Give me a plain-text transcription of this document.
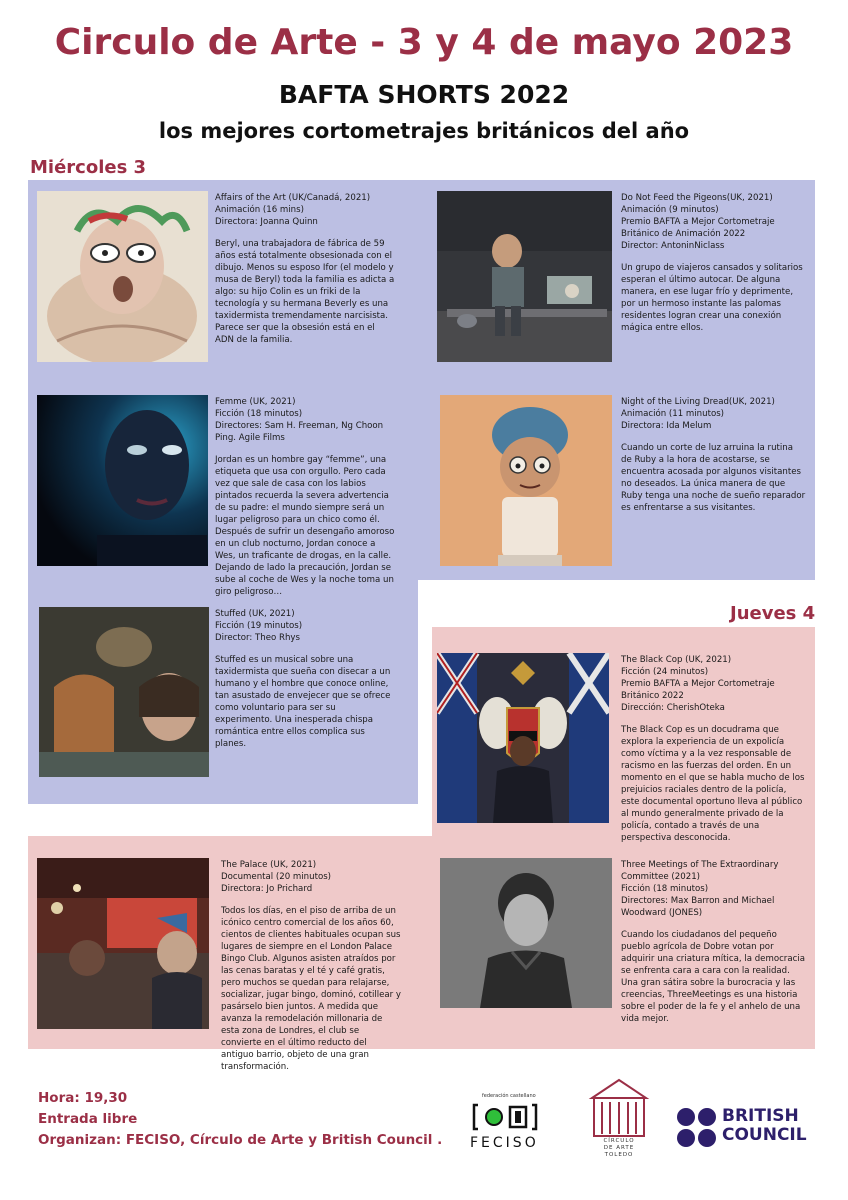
Circulo de Arte - 3 y 4 de mayo 2023
BAFTA SHORTS 2022
los mejores cortometrajes británicos del año
Miércoles 3
Jueves 4
Affairs of the Art (UK/Canadá, 2021)
Animación (16 mins)
Directora: Joanna Quinn
Beryl, una trabajadora de fábrica de 59 años está totalmente obsesionada con el dibujo. Menos su esposo Ifor (el modelo y musa de Beryl) toda la familia es adicta a algo: su hijo Colin es un friki de la tecnología y su hermana Beverly es una taxidermista tremendamente narcisista. Parece ser que la obsesión está en el ADN de la familia.
Do Not Feed the Pigeons(UK, 2021)
Animación (9 minutos)
Premio BAFTA a Mejor Cortometraje Británico de Animación 2022
Director: AntoninNiclass
Un grupo de viajeros cansados y solitarios esperan el último autocar. De alguna manera, en ese lugar frío y deprimente, por un hermoso instante las palomas residentes logran crear una conexión mágica entre ellos.
Femme (UK, 2021)
Ficción (18 minutos)
Directores: Sam H. Freeman, Ng Choon Ping. Agile Films
Jordan es un hombre gay “femme”, una etiqueta que usa con orgullo. Pero cada vez que sale de casa con los labios pintados recuerda la severa advertencia de su padre: el mundo siempre será un lugar peligroso para un chico como él. Después de sufrir un desengaño amoroso en un club nocturno, Jordan conoce a Wes, un traficante de drogas, en la calle. Dejando de lado la precaución, Jordan se sube al coche de Wes y la noche toma un giro peligroso…
Night of the Living Dread(UK, 2021)
Animación (11 minutos)
Directora: Ida Melum
Cuando un corte de luz arruina la rutina de Ruby a la hora de acostarse, se encuentra acosada por algunos visitantes no deseados. La única manera de que Ruby tenga una noche de sueño reparador es enfrentarse a sus visitantes.
Stuffed (UK, 2021)
Ficción (19 minutos)
Director: Theo Rhys
Stuffed es un musical sobre una taxidermista que sueña con disecar a un humano y el hombre que conoce online, tan asustado de envejecer que se ofrece como voluntario para ser su experimento. Una inesperada chispa romántica entre ellos complica sus planes.
The Black Cop (UK, 2021)
Ficción (24 minutos)
Premio BAFTA a Mejor Cortometraje Británico 2022
Dirección: CherishOteka
The Black Cop es un docudrama que explora la experiencia de un expolicía como víctima y a la vez responsable de racismo en las fuerzas del orden. En un momento en el que se habla mucho de los prejuicios raciales dentro de la policía, este documental oportuno lleva al público al mundo generalmente privado de la policía, contado a través de una perspectiva desconocida.
The Palace (UK, 2021)
Documental (20 minutos)
Directora: Jo Prichard
Todos los días, en el piso de arriba de un icónico centro comercial de los años 60, cientos de clientes habituales ocupan sus lugares de siempre en el London Palace Bingo Club. Algunos asisten atraídos por las cenas baratas y el té y café gratis, pero muchos se quedan para relajarse, socializar, jugar bingo, dominó, cotillear y pasárselo bien juntos. A medida que avanza la remodelación millonaria de esta zona de Londres, el club se convierte en el último reducto del antiguo barrio, objeto de una gran transformación.
Three Meetings of The Extraordinary Committee (2021)
Ficción (18 minutos)
Directores: Max Barron and Michael Woodward (JONES)
Cuando los ciudadanos del pequeño pueblo agrícola de Dobre votan por adquirir una criatura mítica, la democracia se enfrenta cara a cara con la realidad. Una gran sátira sobre la burocracia y las creencias, ThreeMeetings es una historia sobre el poder de la fe y el anhelo de una vida mejor.
Hora: 19,30
Entrada libre
Organizan: FECISO, Círculo de Arte y British Council .
federación castellano
FECISO	CÍRCULO
DE ARTE
TOLEDO
BRITISH
COUNCIL
